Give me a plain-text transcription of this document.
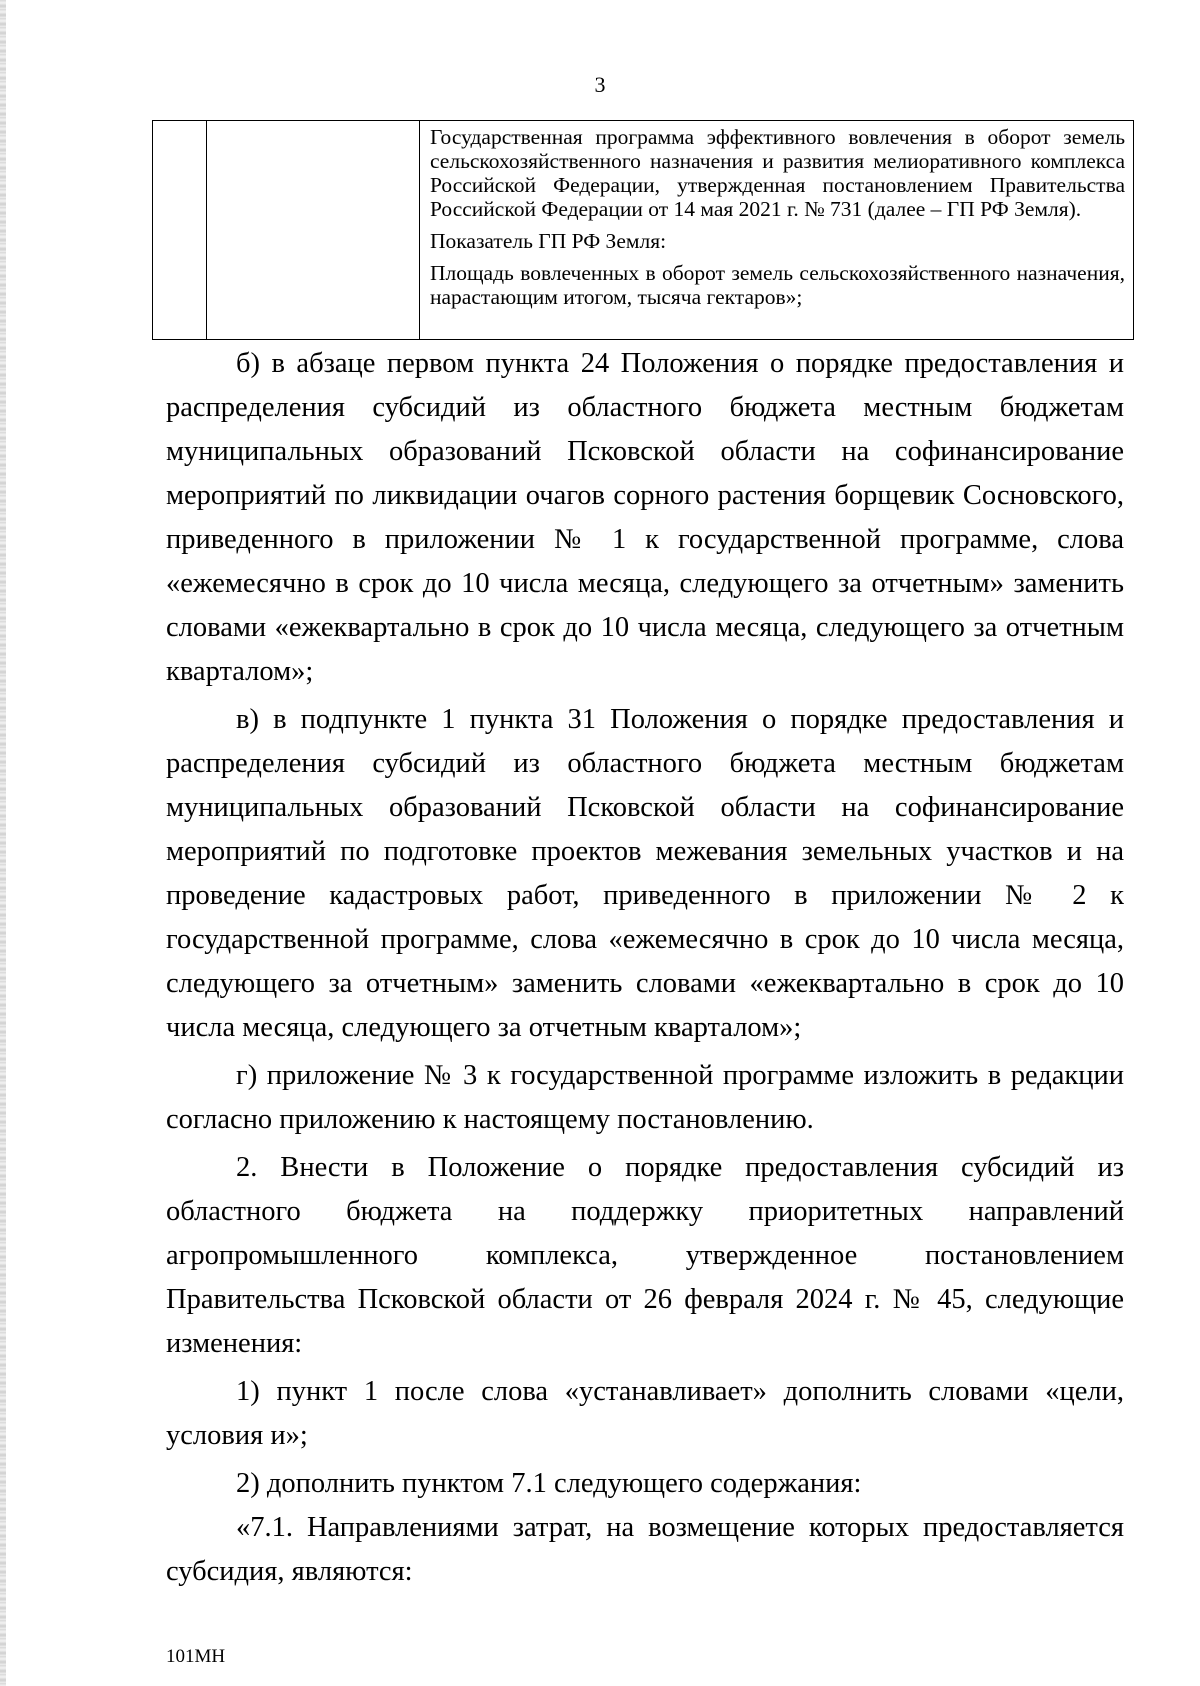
3

Государственная программа эффективного вовлечения в оборот земель сельскохозяйственного назначения и развития мелиоративного комплекса Российской Федерации, утвержденная постановлением Правительства Российской Федерации от 14 мая 2021 г. № 731 (далее – ГП РФ Земля).

Показатель ГП РФ Земля:

Площадь вовлеченных в оборот земель сельскохозяйственного назначения, нарастающим итогом, тысяча гектаров»;

б) в абзаце первом пункта 24 Положения о порядке предоставления и распределения субсидий из областного бюджета местным бюджетам муниципальных образований Псковской области на софинансирование мероприятий по ликвидации очагов сорного растения борщевик Сосновского, приведенного в приложении № 1 к государственной программе, слова «ежемесячно в срок до 10 числа месяца, следующего за отчетным» заменить словами «ежеквартально в срок до 10 числа месяца, следующего за отчетным кварталом»;

в) в подпункте 1 пункта 31 Положения о порядке предоставления и распределения субсидий из областного бюджета местным бюджетам муниципальных образований Псковской области на софинансирование мероприятий по подготовке проектов межевания земельных участков и на проведение кадастровых работ, приведенного в приложении № 2 к государственной программе, слова «ежемесячно в срок до 10 числа месяца, следующего за отчетным» заменить словами «ежеквартально в срок до 10 числа месяца, следующего за отчетным кварталом»;

г) приложение № 3 к государственной программе изложить в редакции согласно приложению к настоящему постановлению.

2. Внести в Положение о порядке предоставления субсидий из областного бюджета на поддержку приоритетных направлений агропромышленного комплекса, утвержденное постановлением Правительства Псковской области от 26 февраля 2024 г. № 45, следующие изменения:

1) пункт 1 после слова «устанавливает» дополнить словами «цели, условия и»;

2) дополнить пунктом 7.1 следующего содержания:

«7.1. Направлениями затрат, на возмещение которых предоставляется субсидия, являются:

101МН
